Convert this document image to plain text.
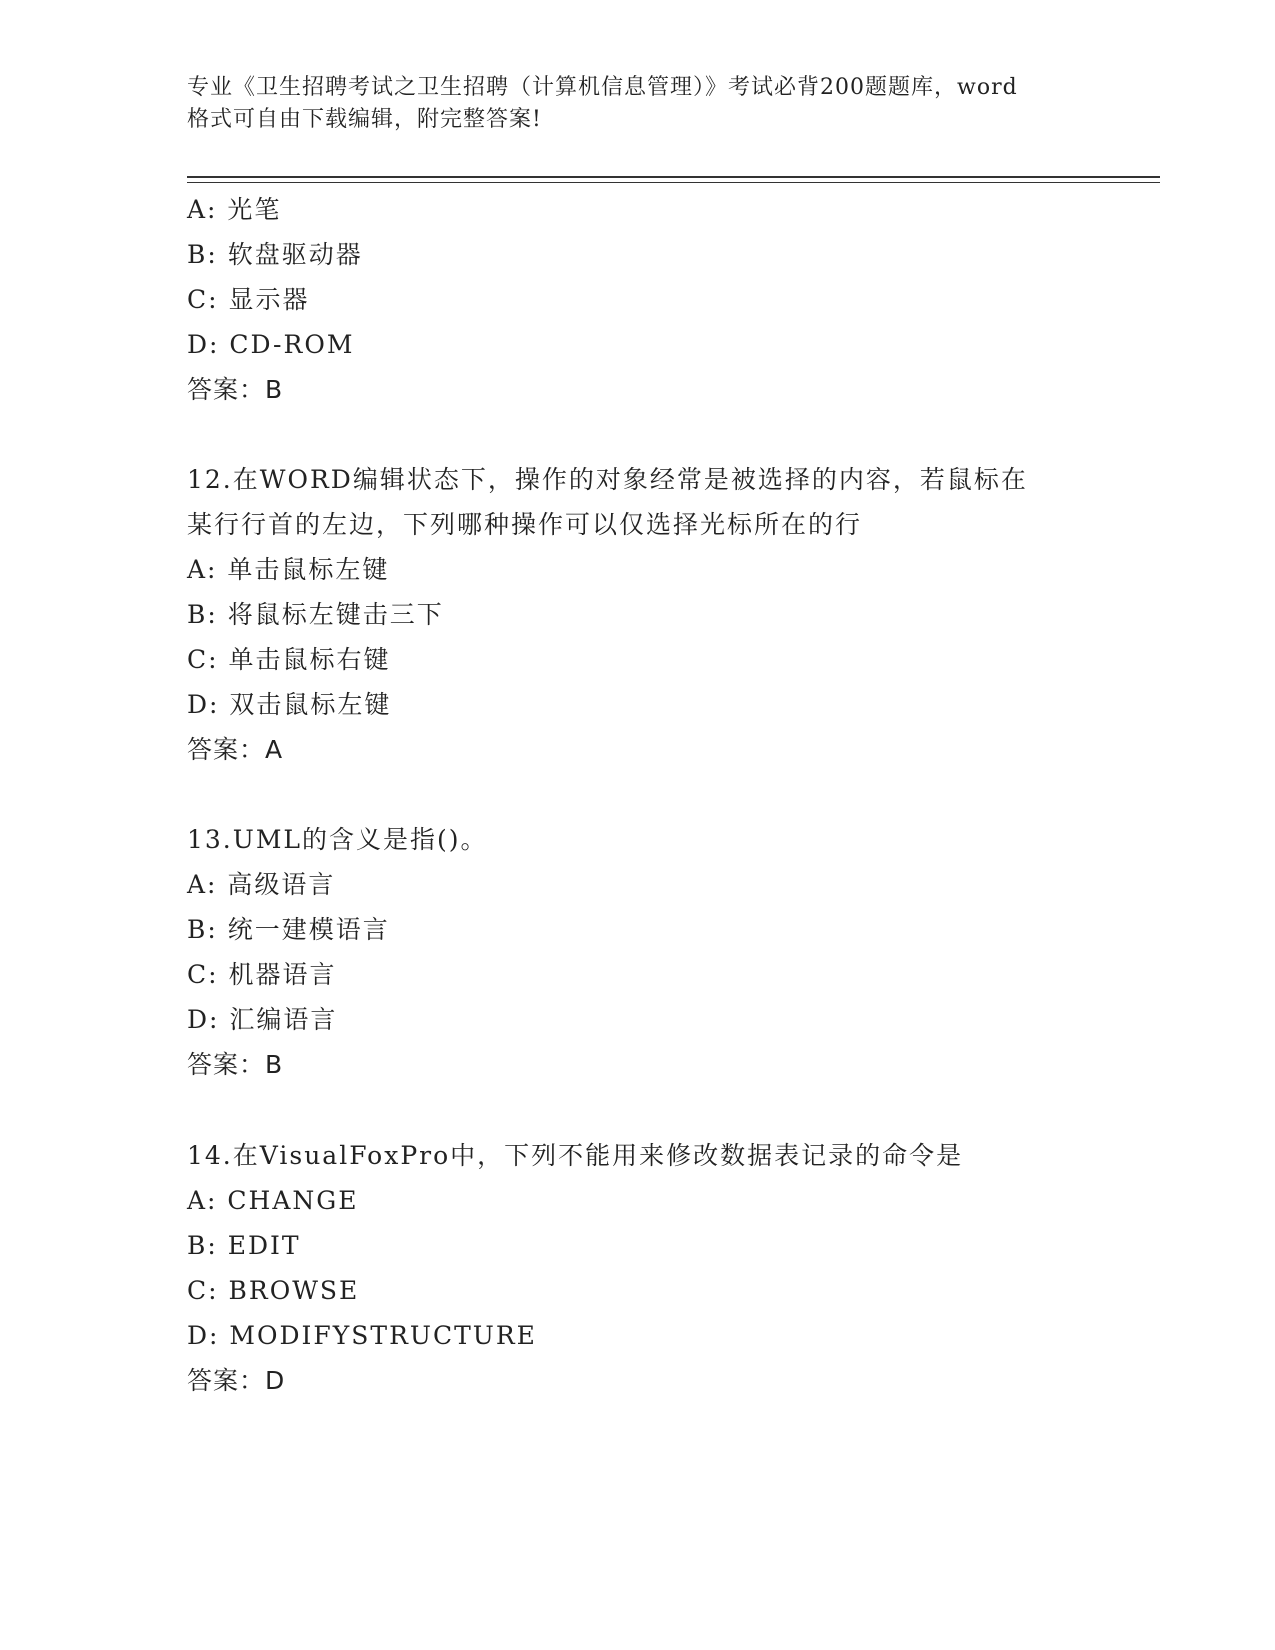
专业《卫生招聘考试之卫生招聘（计算机信息管理）》考试必背200题题库，word
格式可自由下载编辑，附完整答案!
A: 光笔
B: 软盘驱动器
C: 显示器
D: CD-ROM
答案：B
12.在WORD编辑状态下，操作的对象经常是被选择的内容，若鼠标在
某行行首的左边，下列哪种操作可以仅选择光标所在的行
A: 单击鼠标左键
B: 将鼠标左键击三下
C: 单击鼠标右键
D: 双击鼠标左键
答案：A
13.UML的含义是指()。
A: 高级语言
B: 统一建模语言
C: 机器语言
D: 汇编语言
答案：B
14.在VisualFoxPro中，下列不能用来修改数据表记录的命令是
A: CHANGE
B: EDIT
C: BROWSE
D: MODIFYSTRUCTURE
答案：D
